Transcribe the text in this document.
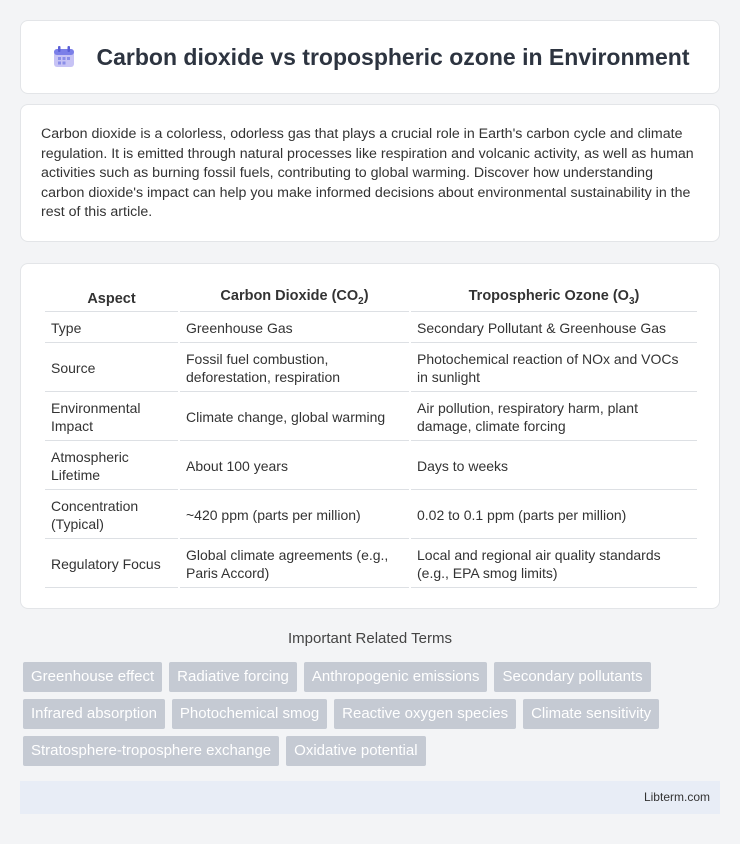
Carbon dioxide vs tropospheric ozone in Environment

Carbon dioxide is a colorless, odorless gas that plays a crucial role in Earth's carbon cycle and climate regulation. It is emitted through natural processes like respiration and volcanic activity, as well as human activities such as burning fossil fuels, contributing to global warming. Discover how understanding carbon dioxide's impact can help you make informed decisions about environmental sustainability in the rest of this article.

Aspect	Carbon Dioxide $(CO_2)$	Tropospheric Ozone $(O_3)$
Type	Greenhouse Gas	Secondary Pollutant & Greenhouse Gas
Source	Fossil fuel combustion, deforestation, respiration	Photochemical reaction of NOx and VOCs in sunlight
Environmental Impact	Climate change, global warming	Air pollution, respiratory harm, plant damage, climate forcing
Atmospheric Lifetime	About 100 years	Days to weeks
Concentration (Typical)	~420 ppm (parts per million)	0.02 to 0.1 ppm (parts per million)
Regulatory Focus	Global climate agreements (e.g., Paris Accord)	Local and regional air quality standards (e.g., EPA smog limits)
Important Related Terms
Greenhouse effect	Radiative forcing	Anthropogenic emissions	Secondary pollutants
Infrared absorption	Photochemical smog	Reactive oxygen species	Climate sensitivity
Stratosphere-troposphere exchange	Oxidative potential
Libterm.com
